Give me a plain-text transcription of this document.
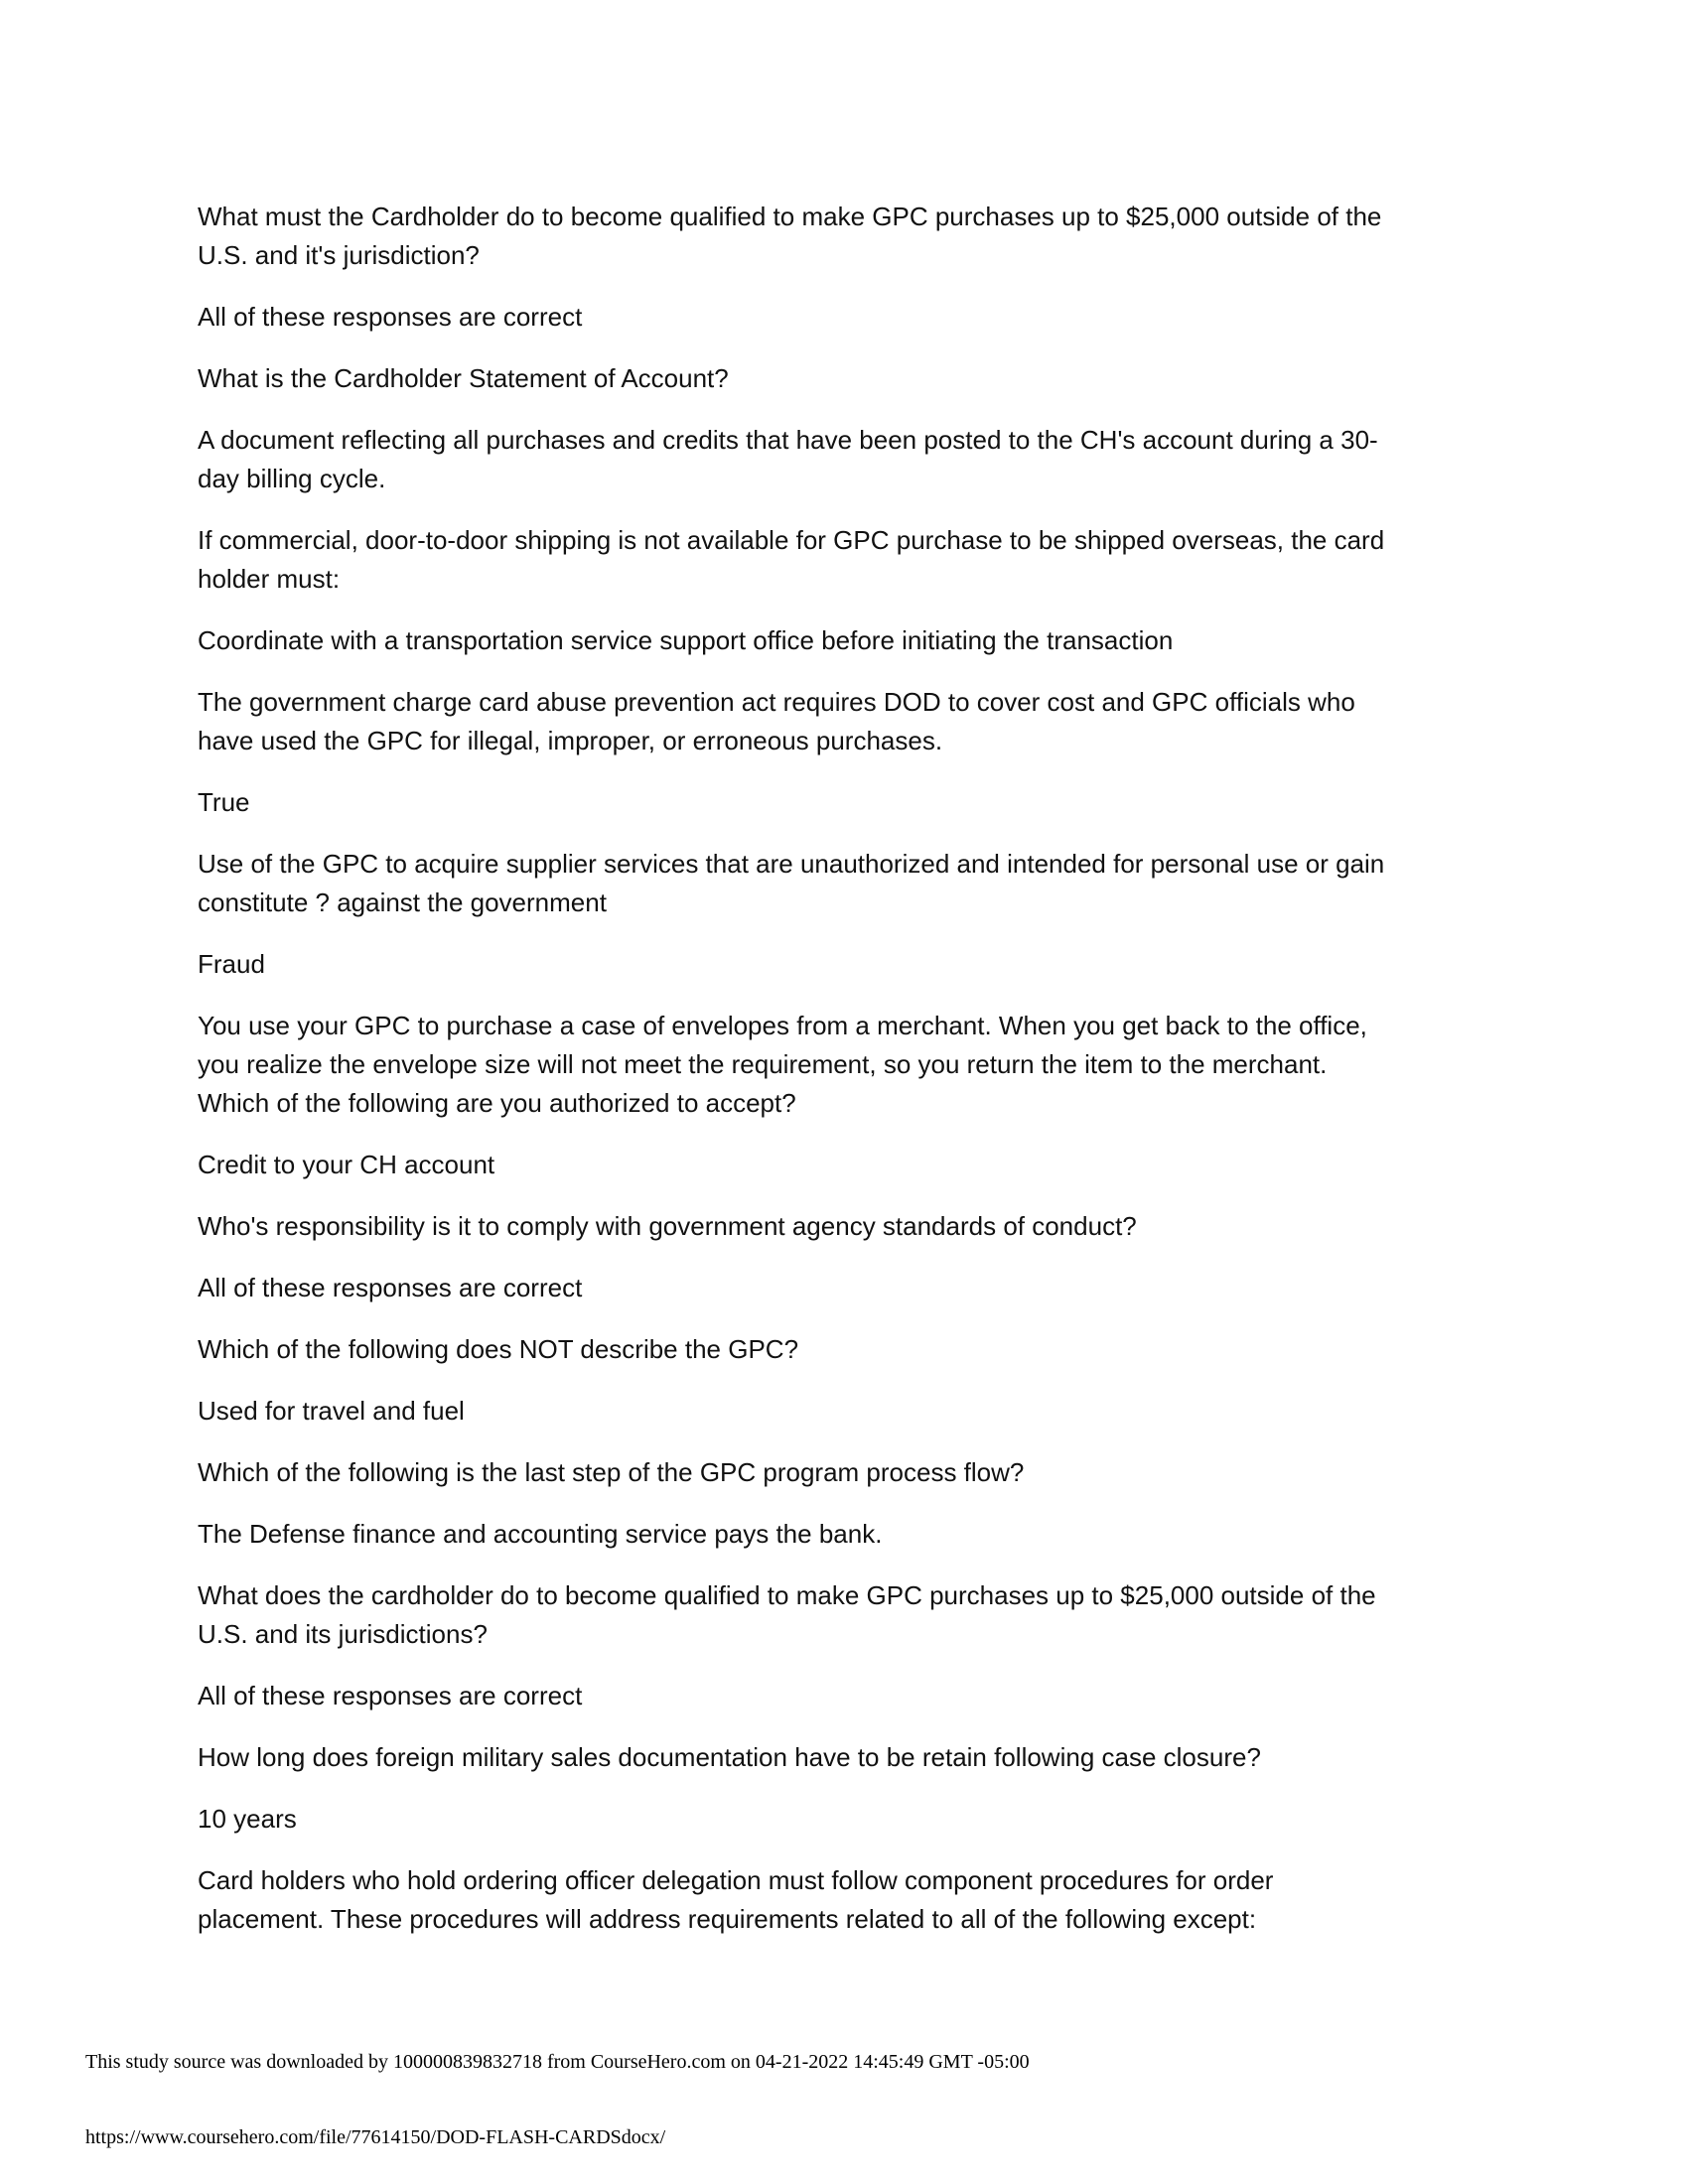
What must the Cardholder do to become qualified to make GPC purchases up to $25,000 outside of the
U.S. and it's jurisdiction?

All of these responses are correct

What is the Cardholder Statement of Account?

A document reflecting all purchases and credits that have been posted to the CH's account during a 30-
day billing cycle.

If commercial, door-to-door shipping is not available for GPC purchase to be shipped overseas, the card
holder must:

Coordinate with a transportation service support office before initiating the transaction

The government charge card abuse prevention act requires DOD to cover cost and GPC officials who
have used the GPC for illegal, improper, or erroneous purchases.

True

Use of the GPC to acquire supplier services that are unauthorized and intended for personal use or gain
constitute ? against the government

Fraud

You use your GPC to purchase a case of envelopes from a merchant. When you get back to the office,
you realize the envelope size will not meet the requirement, so you return the item to the merchant.
Which of the following are you authorized to accept?

Credit to your CH account

Who's responsibility is it to comply with government agency standards of conduct?

All of these responses are correct

Which of the following does NOT describe the GPC?

Used for travel and fuel

Which of the following is the last step of the GPC program process flow?

The Defense finance and accounting service pays the bank.

What does the cardholder do to become qualified to make GPC purchases up to $25,000 outside of the
U.S. and its jurisdictions?

All of these responses are correct

How long does foreign military sales documentation have to be retain following case closure?

10 years

Card holders who hold ordering officer delegation must follow component procedures for order
placement. These procedures will address requirements related to all of the following except:

This study source was downloaded by 100000839832718 from CourseHero.com on 04-21-2022 14:45:49 GMT -05:00
https://www.coursehero.com/file/77614150/DOD-FLASH-CARDSdocx/
